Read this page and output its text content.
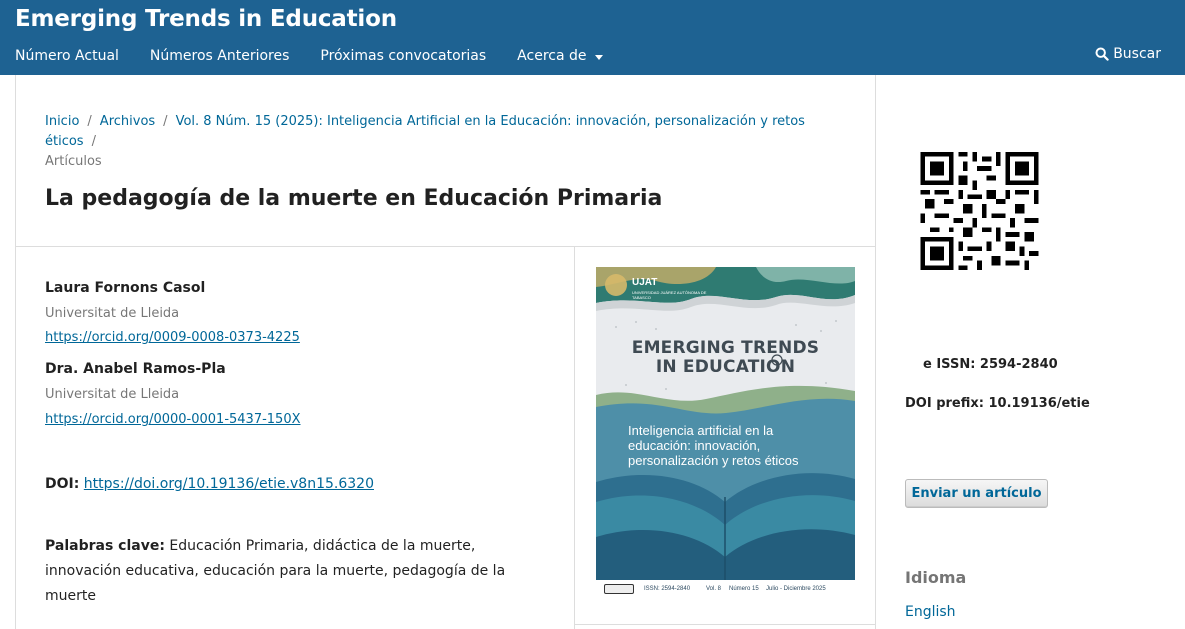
Emerging Trends in Education
Número Actual Números Anteriores Próximas convocatorias Acerca de	Buscar
Inicio / Archivos / Vol. 8 Núm. 15 (2025): Inteligencia Artificial en la Educación: innovación, personalización y retos éticos /
Artículos
La pedagogía de la muerte en Educación Primaria
Laura Fornons Casol
Universitat de Lleida
https://orcid.org/0009-0008-0373-4225
Dra. Anabel Ramos-Pla
Universitat de Lleida
https://orcid.org/0000-0001-5437-150X
DOI: https://doi.org/10.19136/etie.v8n15.6320
Palabras clave: Educación Primaria, didáctica de la muerte, innovación educativa, educación para la muerte, pedagogía de la muerte
UJAT
UNIVERSIDAD JUÁREZ AUTÓNOMA DE TABASCO
EMERGING TRENDS
IN EDUCATION
Inteligencia artificial en la educación: innovación, personalización y retos éticos
ISSN: 2594-2840	Vol. 8 Número 15 Julio - Diciembre 2025
e ISSN: 2594-2840
DOI prefix: 10.19136/etie
Enviar un artículo
Idioma
English
